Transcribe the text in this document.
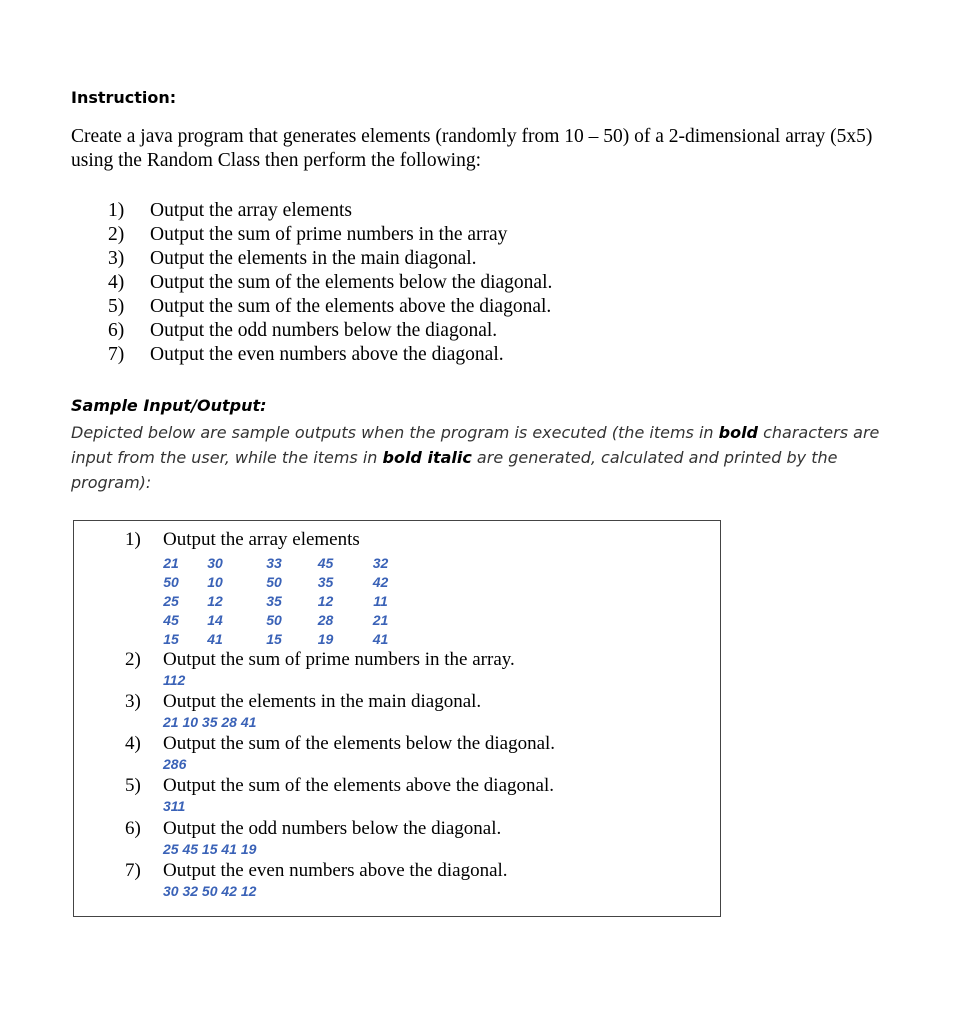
Instruction:

Create a java program that generates elements (randomly from 10 – 50) of a 2-dimensional array (5x5) using the Random Class then perform the following:

1) Output the array elements
2) Output the sum of prime numbers in the array
3) Output the elements in the main diagonal.
4) Output the sum of the elements below the diagonal.
5) Output the sum of the elements above the diagonal.
6) Output the odd numbers below the diagonal.
7) Output the even numbers above the diagonal.
Sample Input/Output:

Depicted below are sample outputs when the program is executed (the items in bold characters are input from the user, while the items in bold italic are generated, calculated and printed by the program):

1) Output the array elements
21	30	33	45	32
50	10	50	35	42
25	12	35	12	11
45	14	50	28	21
15	41	15	19	41
2) Output the sum of prime numbers in the array.
112
3) Output the elements in the main diagonal.
21 10 35 28 41
4) Output the sum of the elements below the diagonal.
286
5) Output the sum of the elements above the diagonal.
311
6) Output the odd numbers below the diagonal.
25 45 15 41 19
7) Output the even numbers above the diagonal.
30 32 50 42 12
